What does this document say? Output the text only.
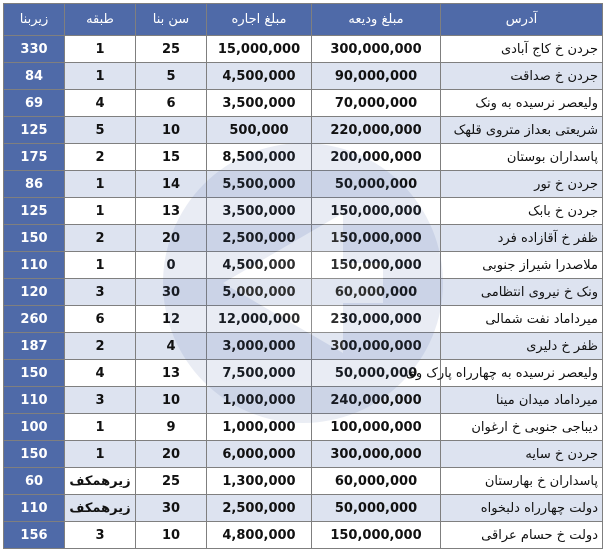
آدرس	مبلغ ودیعه	مبلغ اجاره	سن بنا	طبقه	زیربنا
جردن خ کاج آبادی	300,000,000	15,000,000	25	1	330
جردن خ صداقت	90,000,000	4,500,000	5	1	84
ولیعصر نرسیده به ونک	70,000,000	3,500,000	6	4	69
شریعتی بعداز متروی قلهک	220,000,000	500,000	10	5	125
پاسداران بوستان	200,000,000	8,500,000	15	2	175
جردن خ تور	50,000,000	5,500,000	14	1	86
جردن خ بابک	150,000,000	3,500,000	13	1	125
ظفر خ آقازاده فرد	150,000,000	2,500,000	20	2	150
ملاصدرا شیراز جنوبی	150,000,000	4,500,000	0	1	110
ونک خ نیروی انتظامی	60,000,000	5,000,000	30	3	120
میرداماد نفت شمالی	230,000,000	12,000,000	12	6	260
ظفر خ دلیری	300,000,000	3,000,000	4	2	187
ولیعصر نرسیده به چهارراه پارک وی	50,000,000	7,500,000	13	4	150
میرداماد میدان مینا	240,000,000	1,000,000	10	3	110
دیباجی جنوبی خ ارغوان	100,000,000	1,000,000	9	1	100
جردن خ سایه	300,000,000	6,000,000	20	1	150
پاسداران خ بهارستان	60,000,000	1,300,000	25	زیرهمکف	60
دولت چهارراه دلبخواه	50,000,000	2,500,000	30	زیرهمکف	110
دولت خ حسام عراقی	150,000,000	4,800,000	10	3	156
